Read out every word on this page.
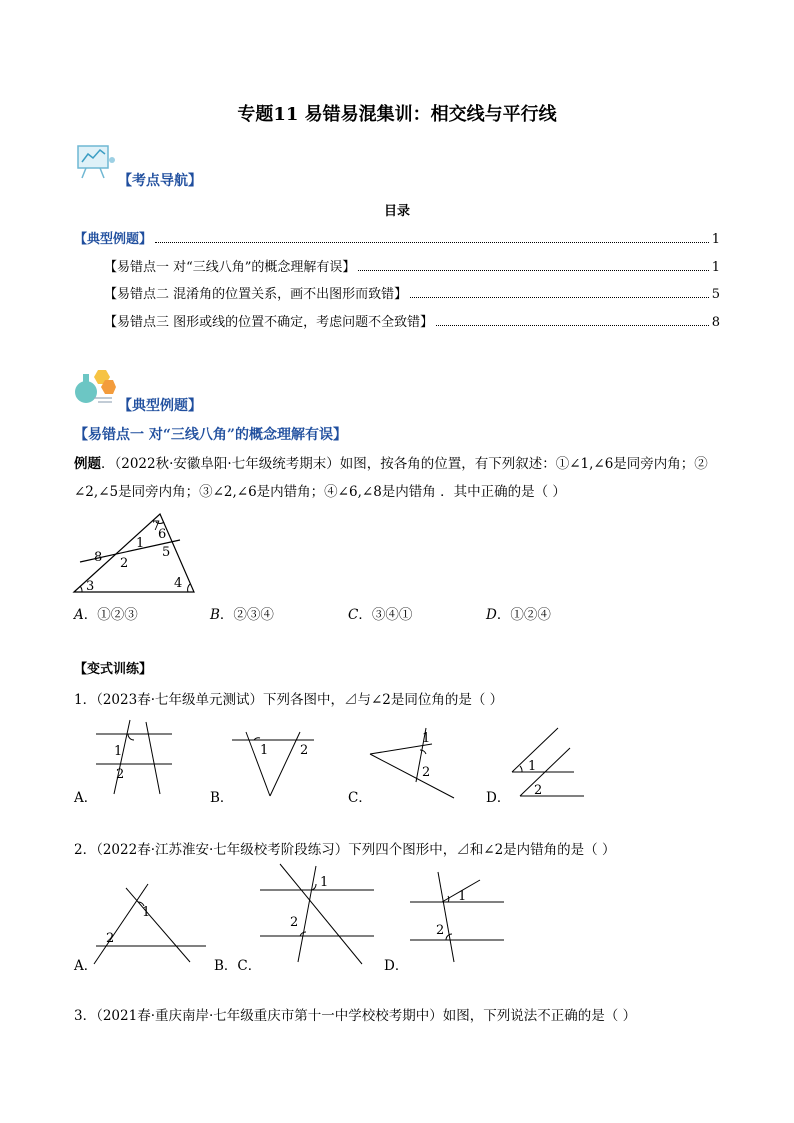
专题11 易错易混集训：相交线与平行线
【考点导航】
目录
【典型例题】	1
【易错点一 对“三线八角”的概念理解有误】	1
【易错点二 混淆角的位置关系，画不出图形而致错】	5
【易错点三 图形或线的位置不确定，考虑问题不全致错】	8
【典型例题】
【易错点一 对“三线八角”的概念理解有误】
例题．（2022秋·安徽阜阳·七年级统考期末）如图，按各角的位置，有下列叙述：①∠1,∠6是同旁内角；②
∠2,∠5是同旁内角；③∠2,∠6是内错角；④∠6,∠8是内错角 ．其中正确的是（ ）
1
2
3	4
5
6
7
8
A．①②③	B．②③④	C．③④①	D．①②④
【变式训练】
1．（2023春·七年级单元测试）下列各图中，⊿与∠2是同位角的是（ ）
1
2
A．
1 2
B．
1
2
C．
1
2
D．
2．（2022春·江苏淮安·七年级校考阶段练习）下列四个图形中，⊿和∠2是内错角的是（ ）
1
2
A．
1
2
B．C．
1
2
D．
3．（2021春·重庆南岸·七年级重庆市第十一中学校校考期中）如图，下列说法不正确的是（ ）
